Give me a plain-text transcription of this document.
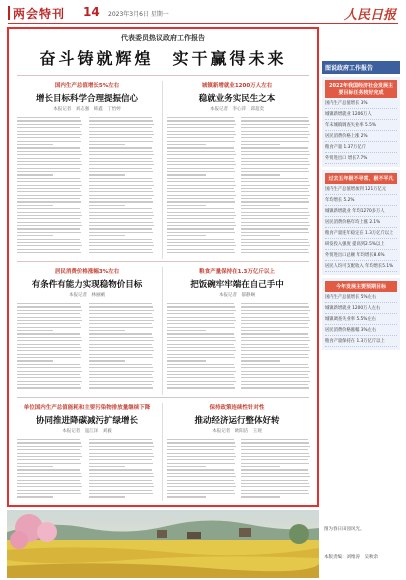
两会特刊 14 2023年3月6日 星期一	人民日报
代表委员热议政府工作报告
奋斗铸就辉煌　实干赢得未来
国内生产总值增长5%左右
增长目标科学合理提振信心
本报记者　刘志强　韩鑫　丁怡婷
城镇新增就业1200万人左右
稳就业务实民生之本
本报记者　李心萍　邱超奕
居民消费价格涨幅3%左右
有条件有能力实现稳物价目标
本报记者　林丽鹂
粮食产量保持在1.3万亿斤以上
把饭碗牢牢端在自己手中
本报记者　郁静娴
单位国内生产总值能耗和主要污染物排放量继续下降
协同推进降碳减污扩绿增长
本报记者　寇江泽　刘毅
保持政策连续性针对性
推动经济运行整体好转
本报记者　欧阳洁　王观
图说政府工作报告
2022年我国经济社会发展主要目标任务较好完成
国内生产总值增长 3%
城镇新增就业 1206万人
年末城镇调查失业率 5.5%
居民消费价格上涨 2%
粮食产量 1.37万亿斤
外贸进出口 增长7.7%
过去五年极不寻常、极不平凡
国内生产总值增加到 121万亿元
年均增长 5.2%
城镇新增就业 年均1270多万人
居民消费价格年均上涨 2.1%
粮食产量连年稳定在 1.3万亿斤以上
研发投入强度 提高到2.5%以上
外贸进出口总额 年均增长8.6%
居民人均可支配收入 年均增长5.1%
今年发展主要预期目标
国内生产总值增长 5%左右
城镇新增就业 1200万人左右
城镇调查失业率 5.5%左右
居民消费价格涨幅 3%左右
粮食产量保持在 1.3万亿斤以上
图为春日田园风光。
本版责编：刘维涛　吴秋余
